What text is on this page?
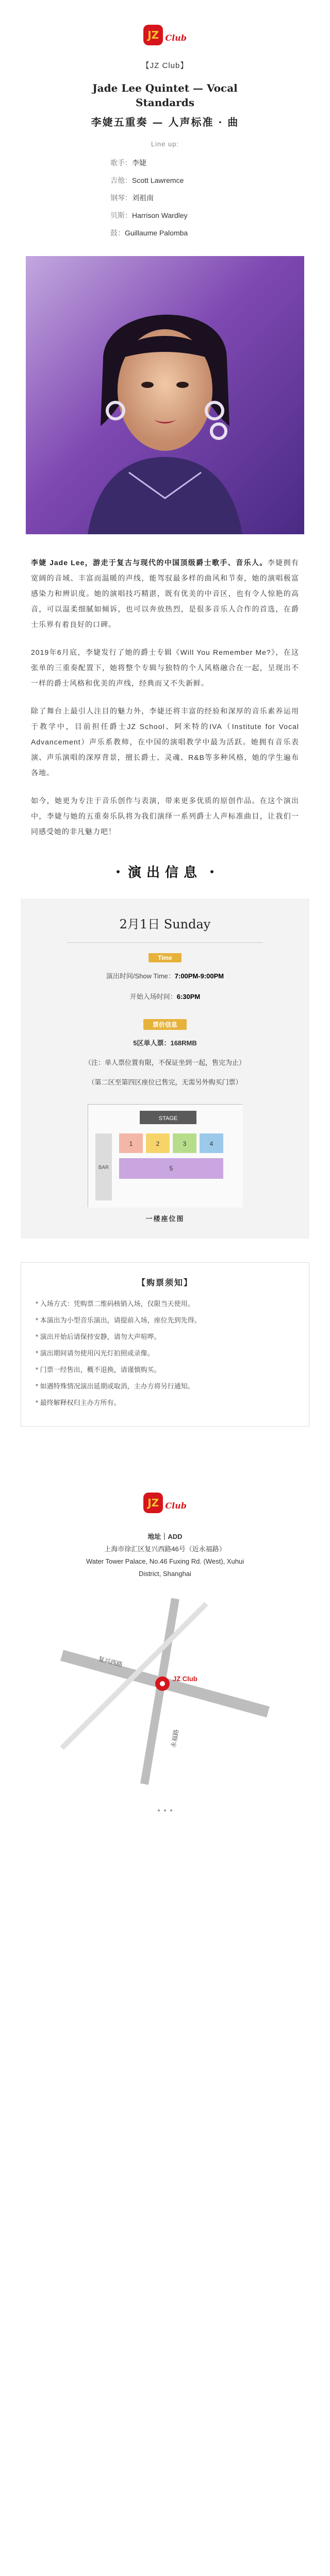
JZ Club
【JZ Club】
Jade Lee Quintet — Vocal
Standards
李婕五重奏 — 人声标准 · 曲
Line up:
歌手：李婕
吉他：Scott Lawremce
钢琴：刘祖南
贝斯：Harrison Wardley
鼓：Guillaume Palomba

李婕 Jade Lee，游走于复古与现代的中国顶级爵士歌手、音乐人。李婕拥有宽阔的音域、丰富而温暖的声线，能驾驭最多样的曲风和节奏，她的演唱极富感染力和辨识度。她的演唱技巧精湛，既有优美的中音区，也有令人惊艳的高音，可以温柔细腻如倾诉，也可以奔放热烈，是很多音乐人合作的首选，在爵士乐界有着良好的口碑。

2019年6月底，李婕发行了她的爵士专辑《Will You Remember Me?》，在这张单的三重奏配置下，她将整个专辑与独特的个人风格融合在一起，呈现出不一样的爵士风格和优美的声线，经典而又不失新鲜。

除了舞台上最引人注目的魅力外，李婕还将丰富的经验和深厚的音乐素养运用于教学中，目前担任爵士JZ School、阿米特的IVA（Institute for Vocal Advancement）声乐系教师，在中国的演唱教学中最为活跃。她拥有音乐表演、声乐演唱的深厚背景，擅长爵士、灵魂、R&B等多种风格，她的学生遍布各地。

如今，她更为专注于音乐创作与表演，带来更多优质的原创作品。在这个演出中，李婕与她的五重奏乐队将为我们演绎一系列爵士人声标准曲目，让我们一同感受她的非凡魅力吧！

演出信息
2月1日 Sunday
Time
演出时间/Show Time：7:00PM-9:00PM
开始入场时间：6:30PM
票价信息
5区单人票：168RMB
（注：单人票位置有限，不保证坐到一起，售完为止）
（第二区至第四区座位已售完，无需另外购买门票）
STAGE
1	2	3	4
5
BAR
一楼座位图
【购票须知】
* 入场方式：凭购票二维码核销入场，仅限当天使用。
* 本演出为小型音乐演出，请提前入场，座位先到先得。
* 演出开始后请保持安静，请勿大声喧哗。
* 演出期间请勿使用闪光灯拍照或录像。
* 门票一经售出，概不退换，请谨慎购买。
* 如遇特殊情况演出延期或取消，主办方将另行通知。
* 最终解释权归主办方所有。
JZ Club
地址｜ADD
上海市徐汇区复兴西路46号（近永福路）
Water Tower Palace, No.46 Fuxing Rd. (West), Xuhui
District, Shanghai
复兴西路
永福路
JZ Club
